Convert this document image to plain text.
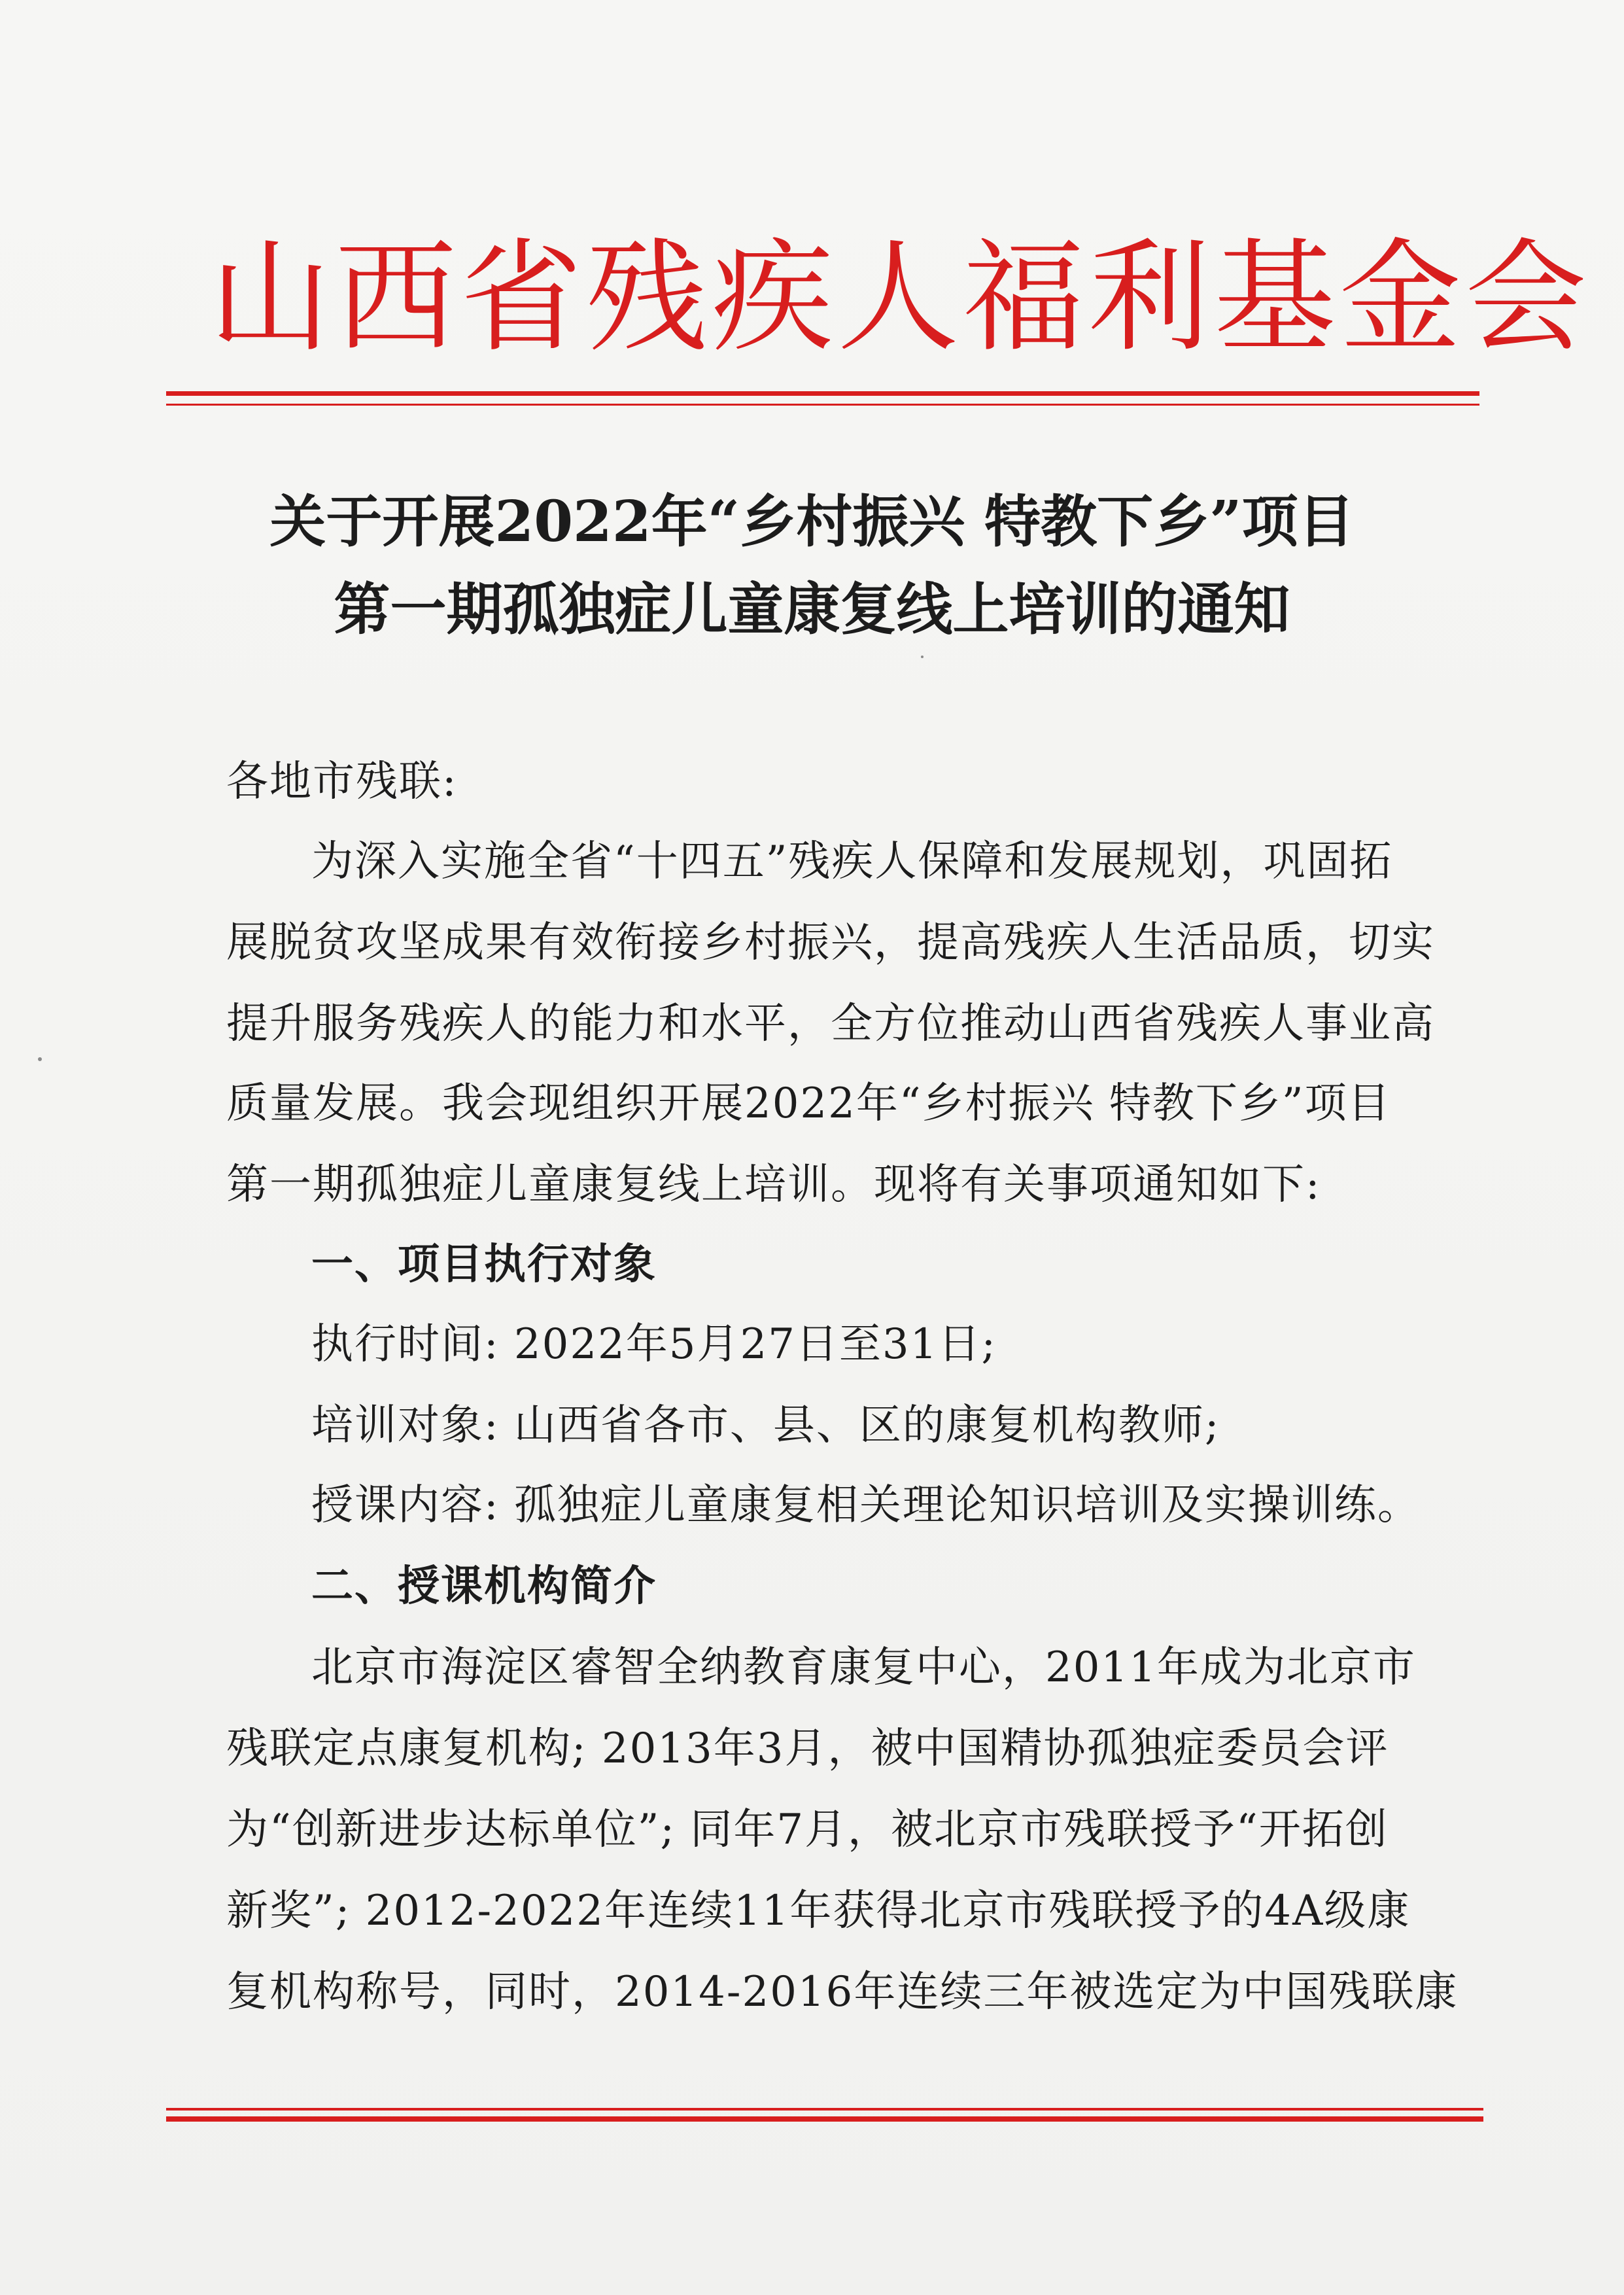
山西省残疾人福利基金会
关于开展2022年“乡村振兴 特教下乡”项目
第一期孤独症儿童康复线上培训的通知
各地市残联:
为深入实施全省“十四五”残疾人保障和发展规划，巩固拓
展脱贫攻坚成果有效衔接乡村振兴，提高残疾人生活品质，切实
提升服务残疾人的能力和水平，全方位推动山西省残疾人事业高
质量发展。我会现组织开展2022年“乡村振兴 特教下乡”项目
第一期孤独症儿童康复线上培训。现将有关事项通知如下:
一、项目执行对象
执行时间: 2022年5月27日至31日;
培训对象: 山西省各市、县、区的康复机构教师;
授课内容: 孤独症儿童康复相关理论知识培训及实操训练。
二、授课机构简介
北京市海淀区睿智全纳教育康复中心，2011年成为北京市
残联定点康复机构; 2013年3月，被中国精协孤独症委员会评
为“创新进步达标单位”; 同年7月，被北京市残联授予“开拓创
新奖”; 2012-2022年连续11年获得北京市残联授予的4A级康
复机构称号，同时，2014-2016年连续三年被选定为中国残联康
